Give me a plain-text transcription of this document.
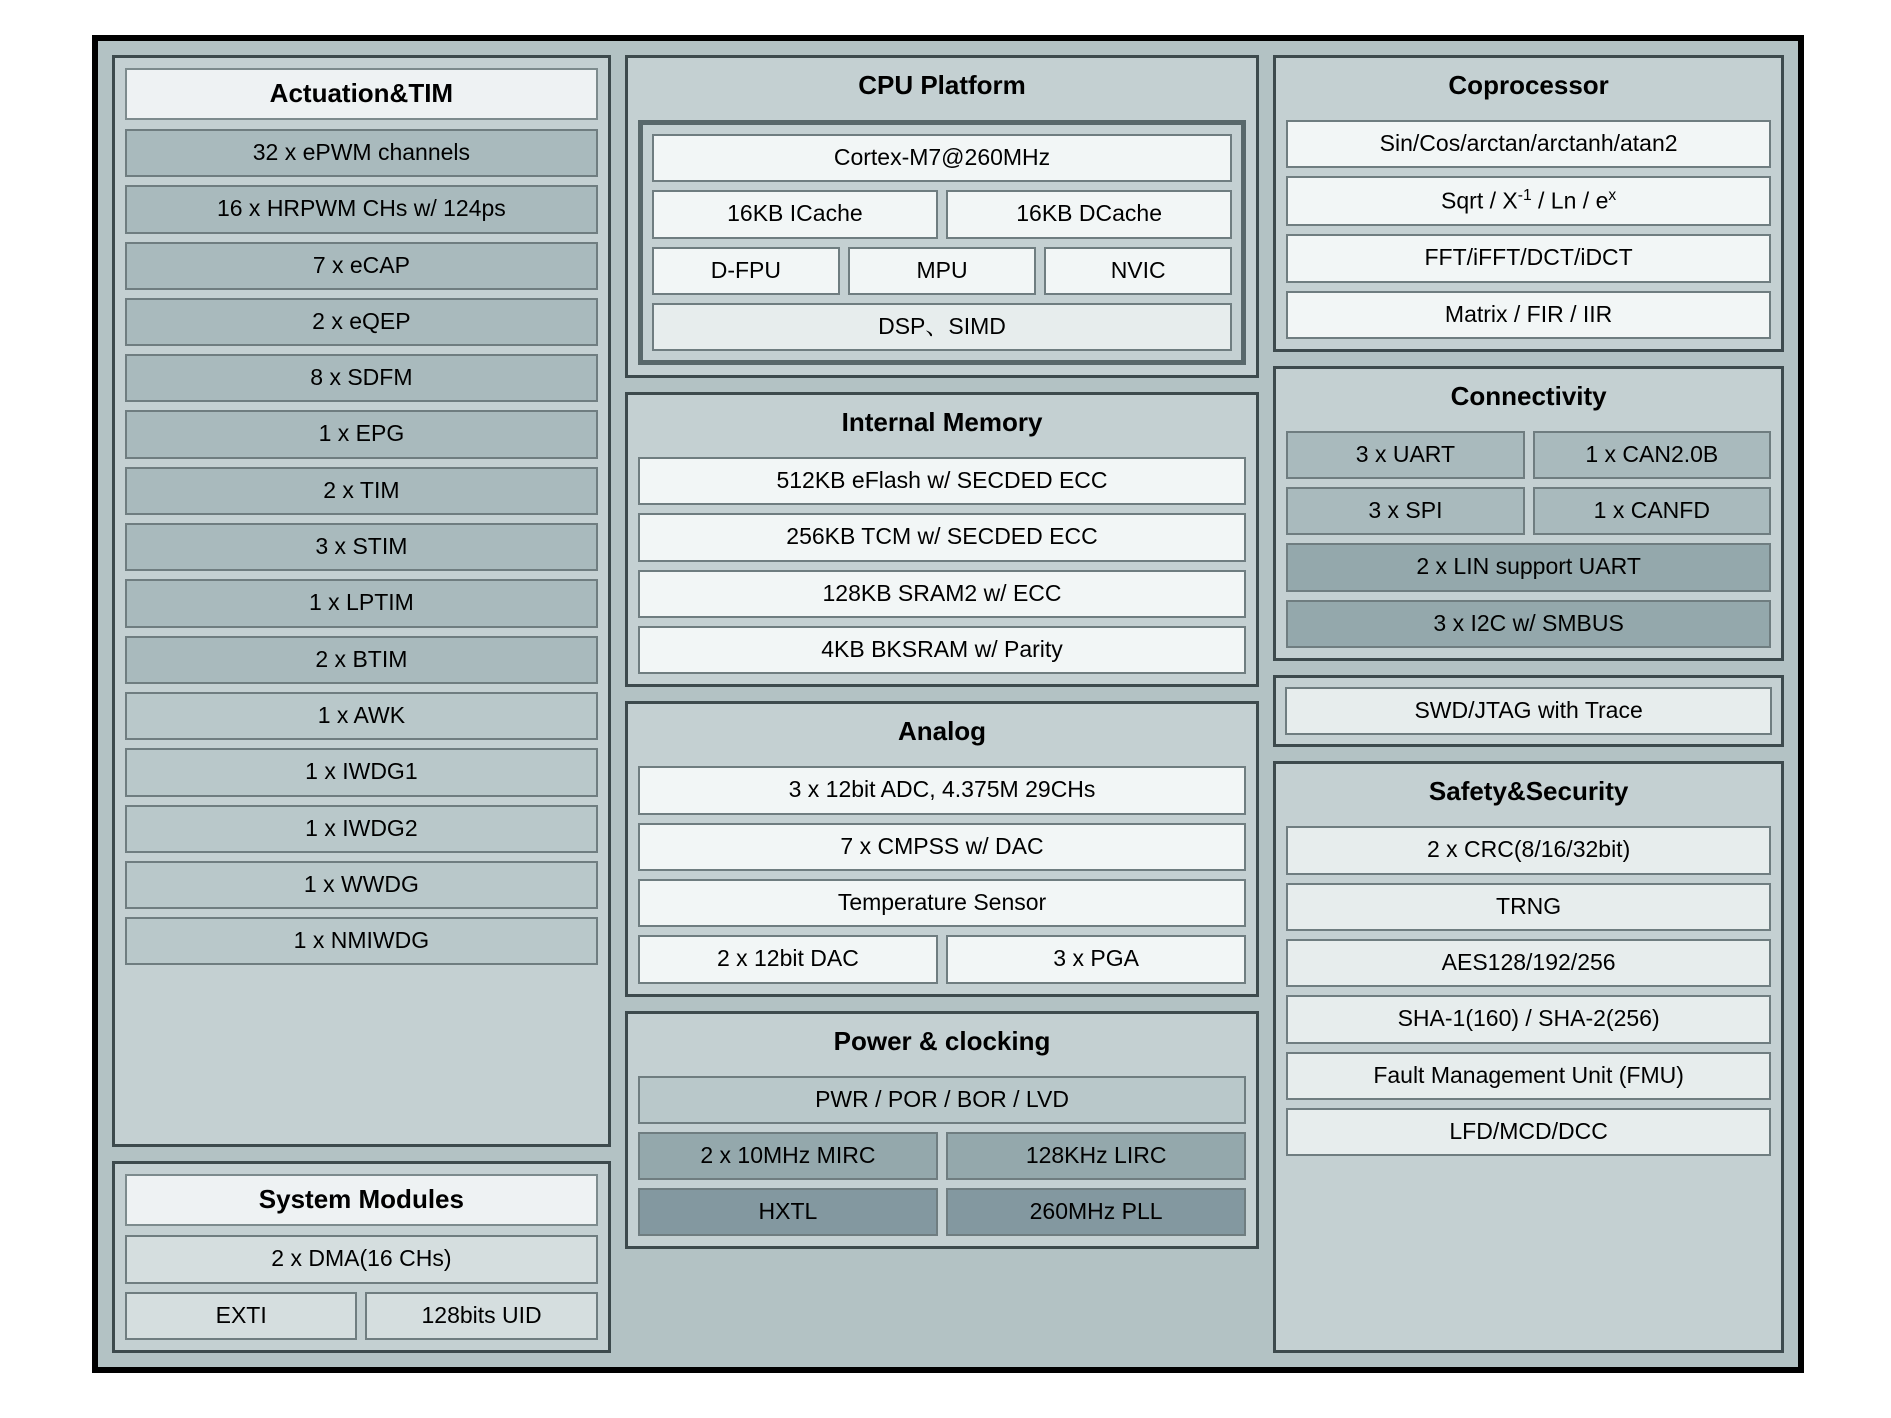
Actuation&TIM
32 x ePWM channels
16 x HRPWM CHs w/ 124ps
7 x eCAP
2 x eQEP
8 x SDFM
1 x EPG
2 x TIM
3 x STIM
1 x LPTIM
2 x BTIM
1 x AWK
1 x IWDG1
1 x IWDG2
1 x WWDG
1 x NMIWDG
System Modules
2 x DMA(16 CHs)
EXTI	128bits UID
CPU Platform
Cortex-M7@260MHz
16KB ICache	16KB DCache
D-FPU	MPU	NVIC
DSP、SIMD
Internal Memory
512KB eFlash w/ SECDED ECC
256KB TCM w/ SECDED ECC
128KB SRAM2 w/ ECC
4KB BKSRAM w/ Parity
Analog
3 x 12bit ADC, 4.375M 29CHs
7 x CMPSS w/ DAC
Temperature Sensor
2 x 12bit DAC	3 x PGA
Power & clocking
PWR / POR / BOR / LVD
2 x 10MHz MIRC	128KHz LIRC
HXTL	260MHz PLL
Coprocessor
Sin/Cos/arctan/arctanh/atan2
Sqrt / $X^{-1}$ / Ln / $e^x$
FFT/iFFT/DCT/iDCT
Matrix / FIR / IIR
Connectivity
3 x UART	1 x CAN2.0B
3 x SPI	1 x CANFD
2 x LIN support UART
3 x I2C w/ SMBUS
SWD/JTAG with Trace
Safety&Security
2 x CRC(8/16/32bit)
TRNG
AES128/192/256
SHA-1(160) / SHA-2(256)
Fault Management Unit (FMU)
LFD/MCD/DCC
